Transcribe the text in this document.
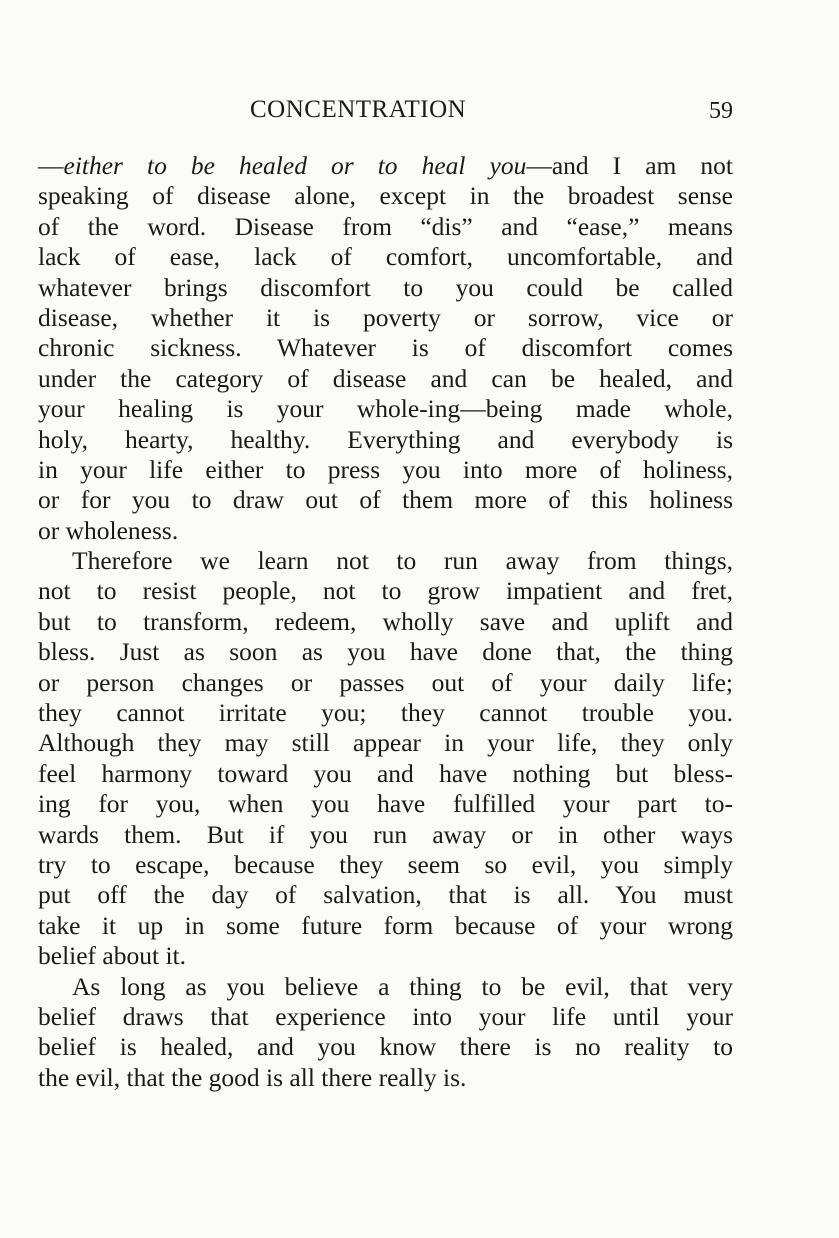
CONCENTRATION	59
—either to be healed or to heal you—and I am not
speaking of disease alone, except in the broadest sense
of the word. Disease from “dis” and “ease,” means
lack of ease, lack of comfort, uncomfortable, and
whatever brings discomfort to you could be called
disease, whether it is poverty or sorrow, vice or
chronic sickness. Whatever is of discomfort comes
under the category of disease and can be healed, and
your healing is your whole-ing—being made whole,
holy, hearty, healthy. Everything and everybody is
in your life either to press you into more of holiness,
or for you to draw out of them more of this holiness
or wholeness.
Therefore we learn not to run away from things,
not to resist people, not to grow impatient and fret,
but to transform, redeem, wholly save and uplift and
bless. Just as soon as you have done that, the thing
or person changes or passes out of your daily life;
they cannot irritate you; they cannot trouble you.
Although they may still appear in your life, they only
feel harmony toward you and have nothing but bless-
ing for you, when you have fulfilled your part to-
wards them. But if you run away or in other ways
try to escape, because they seem so evil, you simply
put off the day of salvation, that is all. You must
take it up in some future form because of your wrong
belief about it.
As long as you believe a thing to be evil, that very
belief draws that experience into your life until your
belief is healed, and you know there is no reality to
the evil, that the good is all there really is.
